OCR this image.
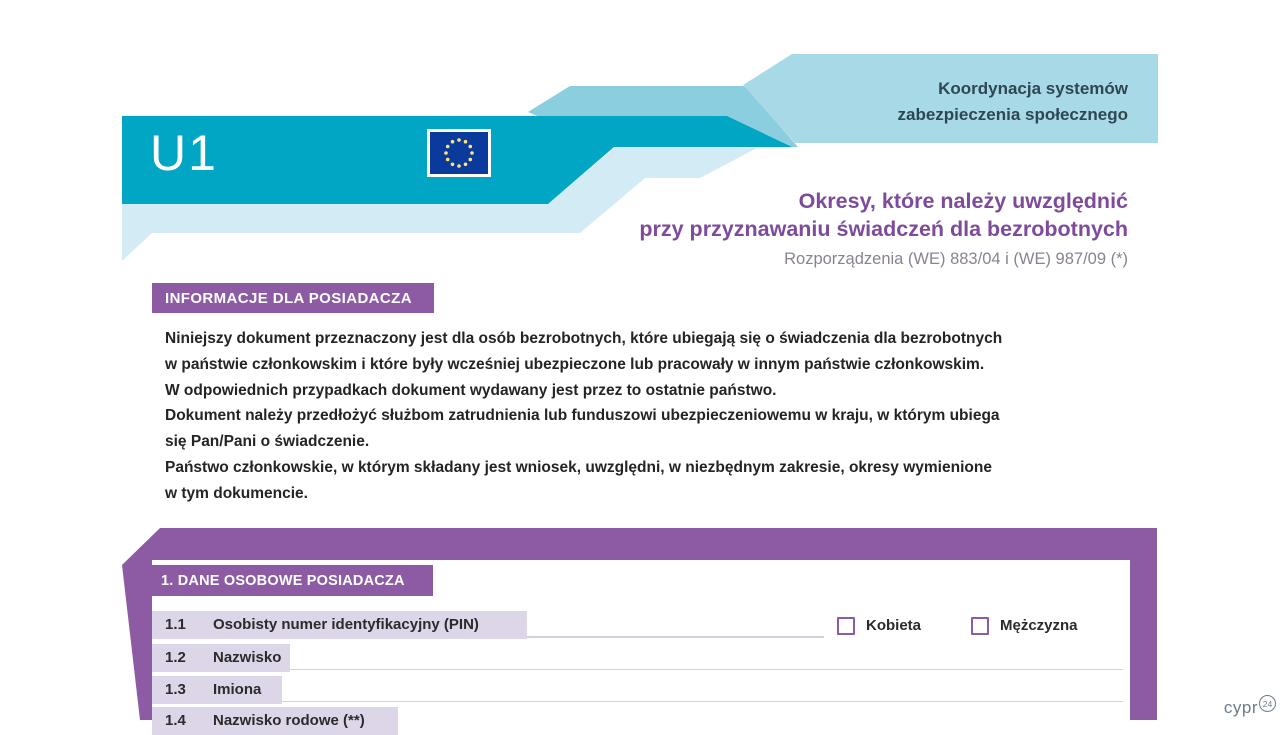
U1
Koordynacja systemów
zabezpieczenia społecznego
Okresy, które należy uwzględnić
przy przyznawaniu świadczeń dla bezrobotnych
Rozporządzenia (WE) 883/04 i (WE) 987/09 (*)
INFORMACJE DLA POSIADACZA
Niniejszy dokument przeznaczony jest dla osób bezrobotnych, które ubiegają się o świadczenia dla bezrobotnych
w państwie członkowskim i które były wcześniej ubezpieczone lub pracowały w innym państwie członkowskim.
W odpowiednich przypadkach dokument wydawany jest przez to ostatnie państwo.
Dokument należy przedłożyć służbom zatrudnienia lub funduszowi ubezpieczeniowemu w kraju, w którym ubiega
się Pan/Pani o świadczenie.
Państwo członkowskie, w którym składany jest wniosek, uwzględni, w niezbędnym zakresie, okresy wymienione
w tym dokumencie.
1. DANE OSOBOWE POSIADACZA
1.1 Osobisty numer identyfikacyjny (PIN)	Kobieta	Mężczyzna
1.2 Nazwisko
1.3 Imiona
1.4 Nazwisko rodowe (**)
cypr 24
